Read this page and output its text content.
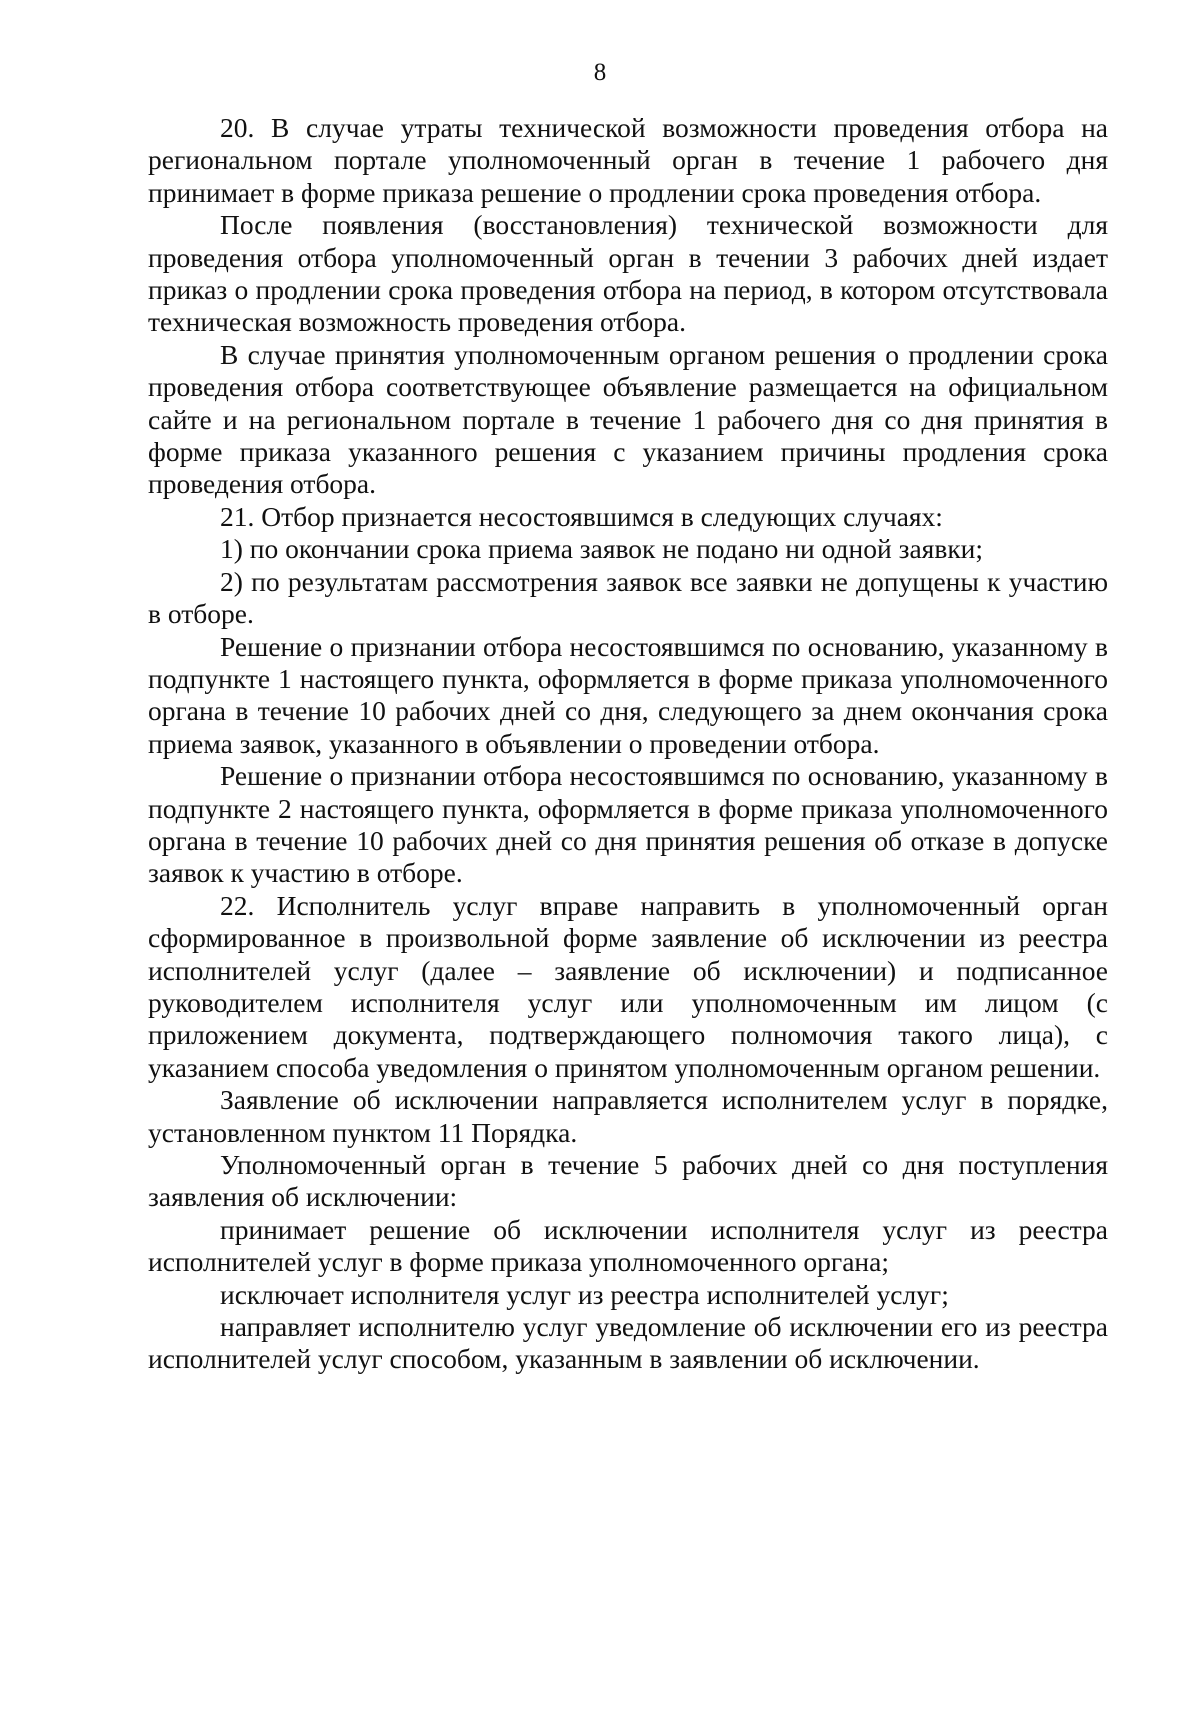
8

20. В случае утраты технической возможности проведения отбора на региональном портале уполномоченный орган в течение 1 рабочего дня принимает в форме приказа решение о продлении срока проведения отбора.

После появления (восстановления) технической возможности для проведения отбора уполномоченный орган в течении 3 рабочих дней издает приказ о продлении срока проведения отбора на период, в котором отсутствовала техническая возможность проведения отбора.

В случае принятия уполномоченным органом решения о продлении срока проведения отбора соответствующее объявление размещается на официальном сайте и на региональном портале в течение 1 рабочего дня со дня принятия в форме приказа указанного решения с указанием причины продления срока проведения отбора.

21. Отбор признается несостоявшимся в следующих случаях:

1) по окончании срока приема заявок не подано ни одной заявки;

2) по результатам рассмотрения заявок все заявки не допущены к участию в отборе.

Решение о признании отбора несостоявшимся по основанию, указанному в подпункте 1 настоящего пункта, оформляется в форме приказа уполномоченного органа в течение 10 рабочих дней со дня, следующего за днем окончания срока приема заявок, указанного в объявлении о проведении отбора.

Решение о признании отбора несостоявшимся по основанию, указанному в подпункте 2 настоящего пункта, оформляется в форме приказа уполномоченного органа в течение 10 рабочих дней со дня принятия решения об отказе в допуске заявок к участию в отборе.

22. Исполнитель услуг вправе направить в уполномоченный орган сформированное в произвольной форме заявление об исключении из реестра исполнителей услуг (далее – заявление об исключении) и подписанное руководителем исполнителя услуг или уполномоченным им лицом (с приложением документа, подтверждающего полномочия такого лица), с указанием способа уведомления о принятом уполномоченным органом решении.

Заявление об исключении направляется исполнителем услуг в порядке, установленном пунктом 11 Порядка.

Уполномоченный орган в течение 5 рабочих дней со дня поступления заявления об исключении:

принимает решение об исключении исполнителя услуг из реестра исполнителей услуг в форме приказа уполномоченного органа;

исключает исполнителя услуг из реестра исполнителей услуг;

направляет исполнителю услуг уведомление об исключении его из реестра исполнителей услуг способом, указанным в заявлении об исключении.
